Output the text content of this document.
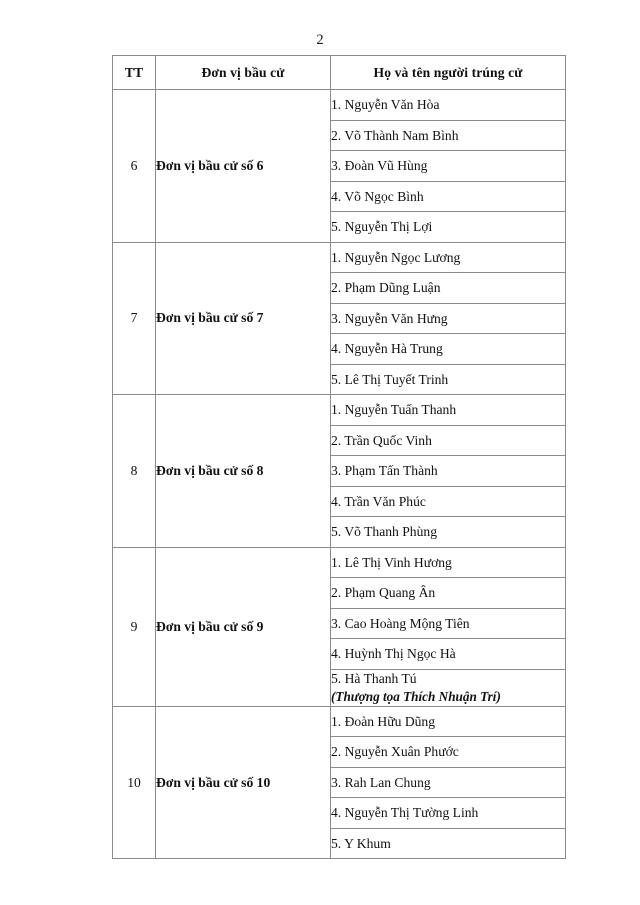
2
TT	Đơn vị bầu cử	Họ và tên người trúng cử
6	Đơn vị bầu cử số 6	1. Nguyễn Văn Hòa

		2. Võ Thành Nam Bình

		3. Đoàn Vũ Hùng

		4. Võ Ngọc Bình

		5. Nguyễn Thị Lợi

7	Đơn vị bầu cử số 7	1. Nguyễn Ngọc Lương

		2. Phạm Dũng Luận

		3. Nguyễn Văn Hưng

		4. Nguyễn Hà Trung

		5. Lê Thị Tuyết Trinh

8	Đơn vị bầu cử số 8	1. Nguyễn Tuấn Thanh

		2. Trần Quốc Vinh

		3. Phạm Tấn Thành

		4. Trần Văn Phúc

		5. Võ Thanh Phùng

9	Đơn vị bầu cử số 9	1. Lê Thị Vinh Hương

		2. Phạm Quang Ân

		3. Cao Hoàng Mộng Tiên

		4. Huỳnh Thị Ngọc Hà

		5. Hà Thanh Tú
(Thượng tọa Thích Nhuận Trí)

10	Đơn vị bầu cử số 10	1. Đoàn Hữu Dũng

		2. Nguyễn Xuân Phước

		3. Rah Lan Chung

		4. Nguyễn Thị Tường Linh

		5. Y Khum
